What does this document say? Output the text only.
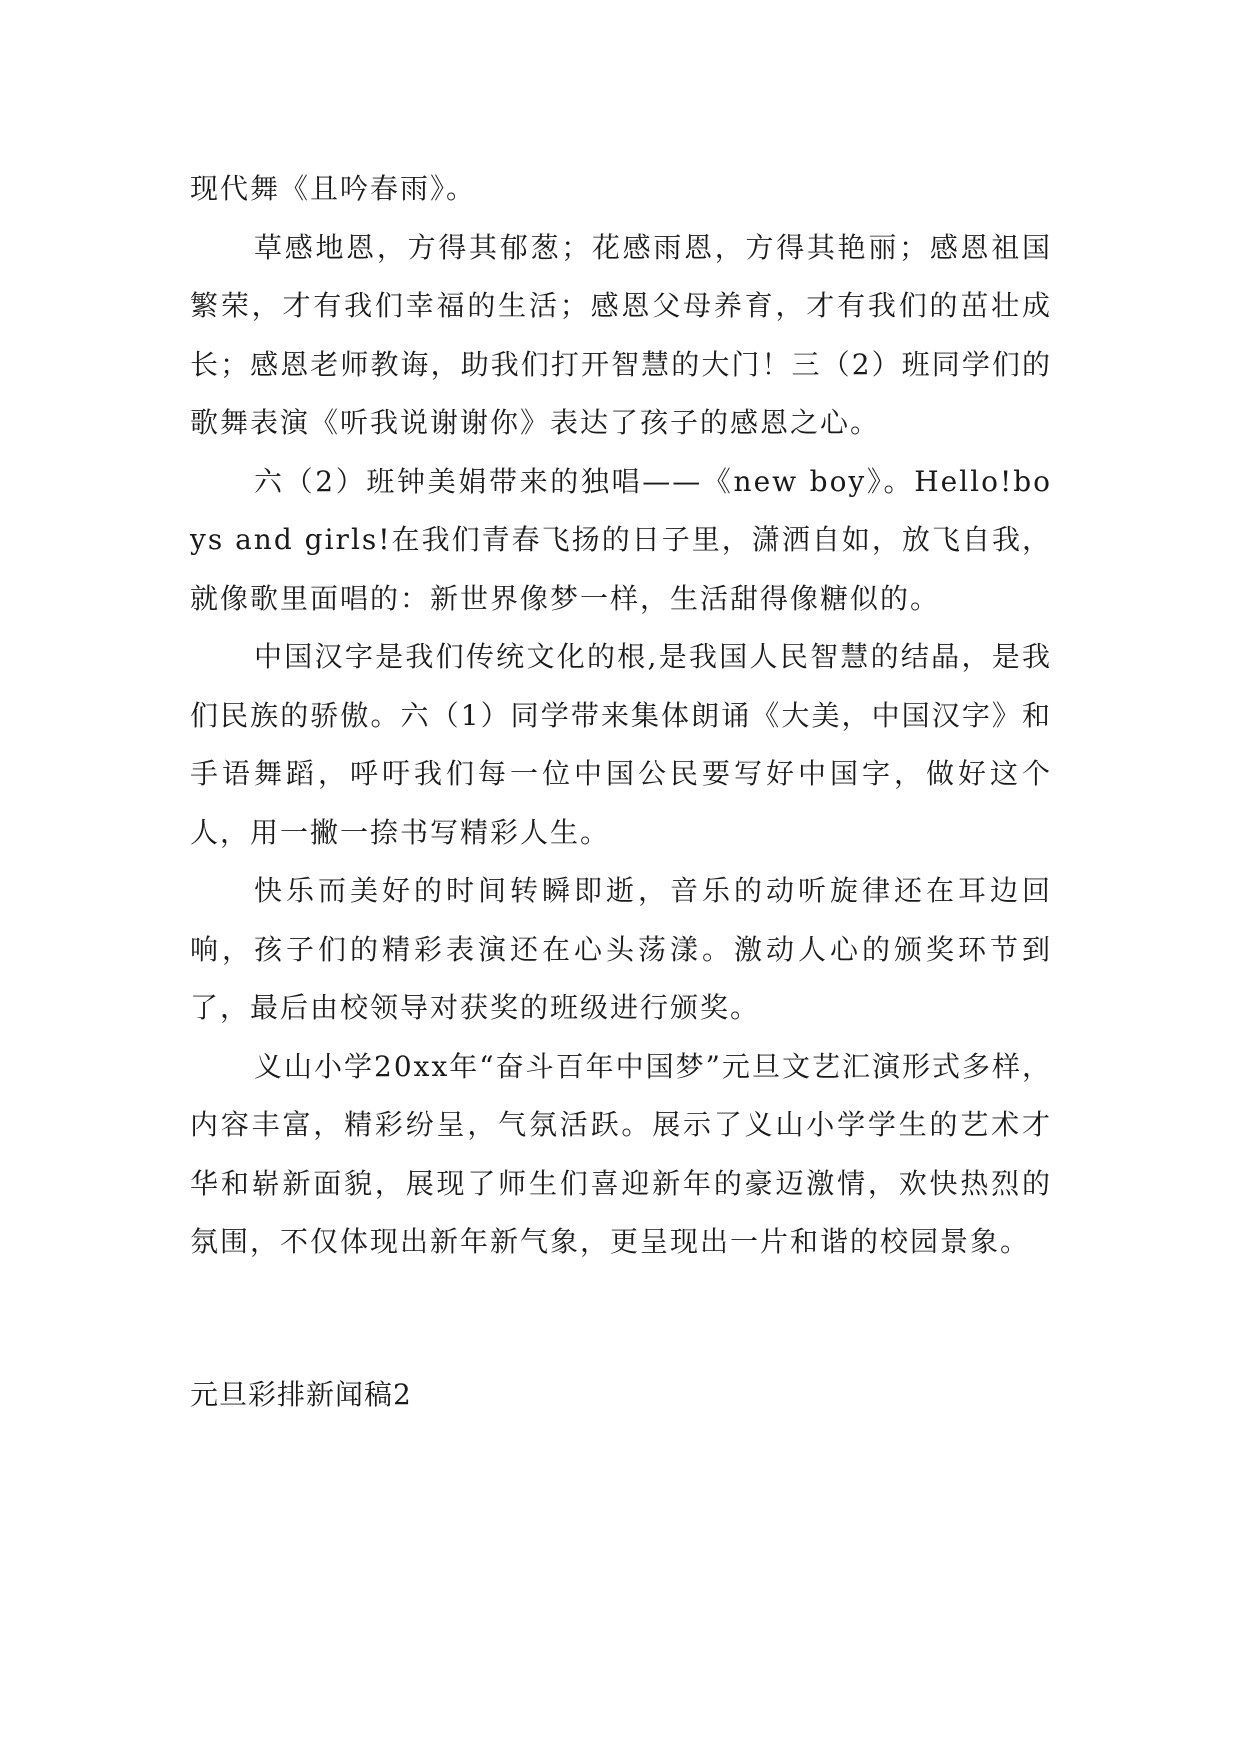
现代舞《且吟春雨》。

草感地恩，方得其郁葱；花感雨恩，方得其艳丽；感恩祖国繁荣，才有我们幸福的生活；感恩父母养育，才有我们的茁壮成长；感恩老师教诲，助我们打开智慧的大门！三（2）班同学们的歌舞表演《听我说谢谢你》表达了孩子的感恩之心。

六（2）班钟美娟带来的独唱——《new boy》。Hello!boys and girls!在我们青春飞扬的日子里，潇洒自如，放飞自我，就像歌里面唱的：新世界像梦一样，生活甜得像糖似的。

中国汉字是我们传统文化的根,是我国人民智慧的结晶，是我们民族的骄傲。六（1）同学带来集体朗诵《大美，中国汉字》和手语舞蹈，呼吁我们每一位中国公民要写好中国字，做好这个人，用一撇一捺书写精彩人生。

快乐而美好的时间转瞬即逝，音乐的动听旋律还在耳边回响，孩子们的精彩表演还在心头荡漾。激动人心的颁奖环节到了，最后由校领导对获奖的班级进行颁奖。

义山小学20xx年“奋斗百年中国梦”元旦文艺汇演形式多样，内容丰富，精彩纷呈，气氛活跃。展示了义山小学学生的艺术才华和崭新面貌，展现了师生们喜迎新年的豪迈激情，欢快热烈的氛围，不仅体现出新年新气象，更呈现出一片和谐的校园景象。

元旦彩排新闻稿2
